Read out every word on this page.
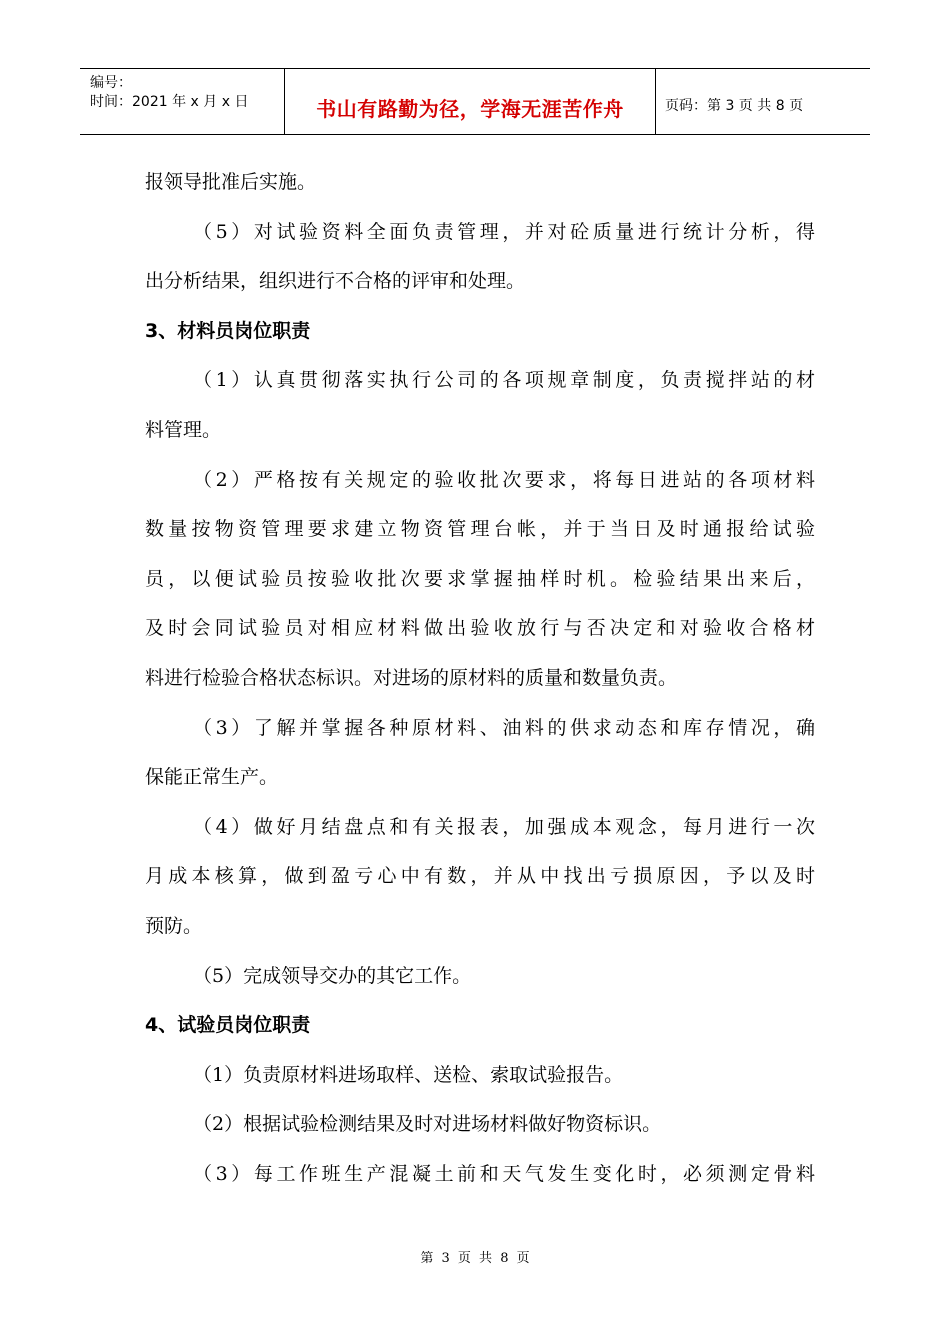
编号：
时间：2021 年 x 月 x 日	书山有路勤为径，学海无涯苦作舟	页码：第 3 页 共 8 页
报领导批准后实施。
（5）对试验资料全面负责管理，并对砼质量进行统计分析，得
出分析结果，组织进行不合格的评审和处理。
3、材料员岗位职责
（1）认真贯彻落实执行公司的各项规章制度，负责搅拌站的材
料管理。
（2）严格按有关规定的验收批次要求，将每日进站的各项材料
数量按物资管理要求建立物资管理台帐，并于当日及时通报给试验
员，以便试验员按验收批次要求掌握抽样时机。检验结果出来后，
及时会同试验员对相应材料做出验收放行与否决定和对验收合格材
料进行检验合格状态标识。对进场的原材料的质量和数量负责。
（3）了解并掌握各种原材料、油料的供求动态和库存情况，确
保能正常生产。
（4）做好月结盘点和有关报表，加强成本观念，每月进行一次
月成本核算，做到盈亏心中有数，并从中找出亏损原因，予以及时
预防。
（5）完成领导交办的其它工作。
4、试验员岗位职责
（1）负责原材料进场取样、送检、索取试验报告。
（2）根据试验检测结果及时对进场材料做好物资标识。
（3）每工作班生产混凝土前和天气发生变化时，必须测定骨料
第 3 页 共 8 页
